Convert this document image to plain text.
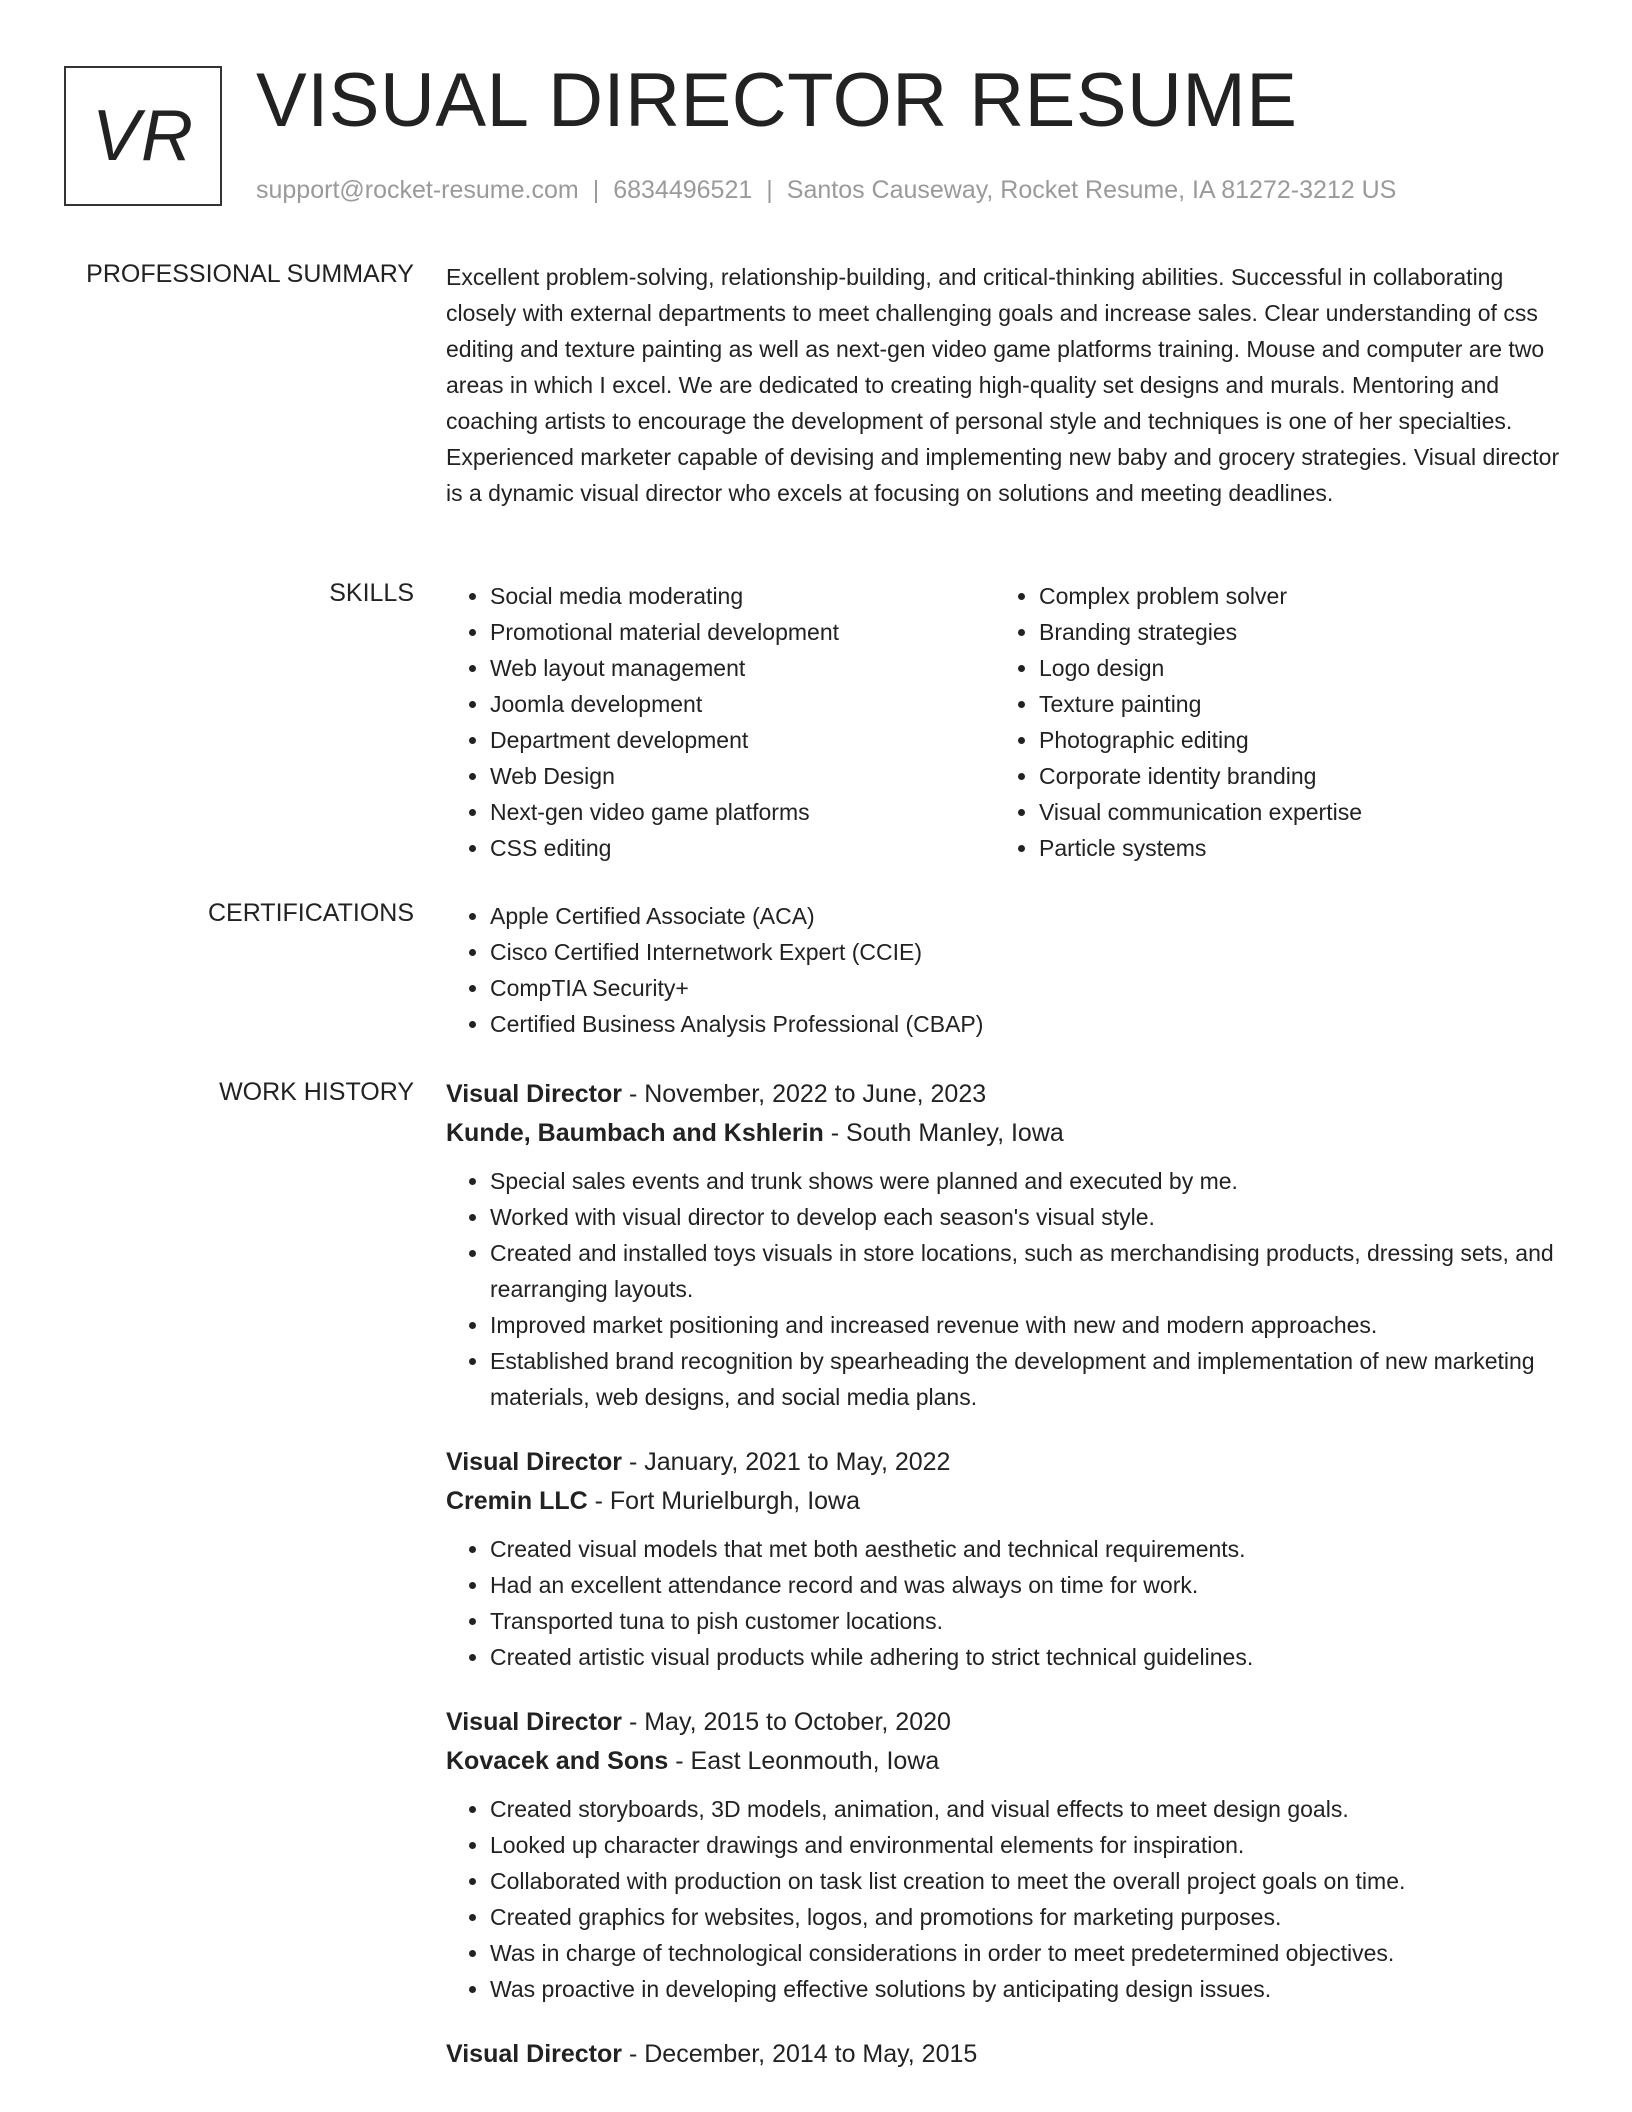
VR VISUAL DIRECTOR RESUME
support@rocket-resume.com | 6834496521 | Santos Causeway, Rocket Resume, IA 81272-3212 US
PROFESSIONAL SUMMARY Excellent problem-solving, relationship-building, and critical-thinking abilities. Successful in collaborating closely with external departments to meet challenging goals and increase sales. Clear understanding of css editing and texture painting as well as next-gen video game platforms training. Mouse and computer are two areas in which I excel. We are dedicated to creating high-quality set designs and murals. Mentoring and coaching artists to encourage the development of personal style and techniques is one of her specialties. Experienced marketer capable of devising and implementing new baby and grocery strategies. Visual director is a dynamic visual director who excels at focusing on solutions and meeting deadlines.

SKILLS	• Social media moderating
• Promotional material development
• Web layout management
• Joomla development
• Department development
• Web Design
• Next-gen video game platforms
• CSS editing
• Complex problem solver
• Branding strategies
• Logo design
• Texture painting
• Photographic editing
• Corporate identity branding
• Visual communication expertise
• Particle systems
CERTIFICATIONS	• Apple Certified Associate (ACA)
• Cisco Certified Internetwork Expert (CCIE)
• CompTIA Security+
• Certified Business Analysis Professional (CBAP)
WORK HISTORY Visual Director - November, 2022 to June, 2023
Kunde, Baumbach and Kshlerin - South Manley, Iowa
• Special sales events and trunk shows were planned and executed by me.
• Worked with visual director to develop each season's visual style.
• Created and installed toys visuals in store locations, such as merchandising products, dressing sets, and rearranging layouts.
• Improved market positioning and increased revenue with new and modern approaches.
• Established brand recognition by spearheading the development and implementation of new marketing materials, web designs, and social media plans.
Visual Director - January, 2021 to May, 2022
Cremin LLC - Fort Murielburgh, Iowa
• Created visual models that met both aesthetic and technical requirements.
• Had an excellent attendance record and was always on time for work.
• Transported tuna to pish customer locations.
• Created artistic visual products while adhering to strict technical guidelines.
Visual Director - May, 2015 to October, 2020
Kovacek and Sons - East Leonmouth, Iowa
• Created storyboards, 3D models, animation, and visual effects to meet design goals.
• Looked up character drawings and environmental elements for inspiration.
• Collaborated with production on task list creation to meet the overall project goals on time.
• Created graphics for websites, logos, and promotions for marketing purposes.
• Was in charge of technological considerations in order to meet predetermined objectives.
• Was proactive in developing effective solutions by anticipating design issues.
Visual Director - December, 2014 to May, 2015
